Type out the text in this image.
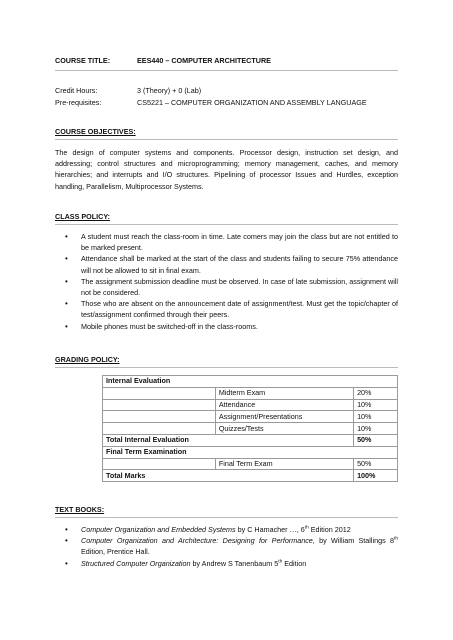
COURSE TITLE:	EES440 – COMPUTER ARCHITECTURE
Credit Hours:	3 (Theory) + 0 (Lab)
Pre-requisites:	CS5221 – COMPUTER ORGANIZATION AND ASSEMBLY LANGUAGE
COURSE OBJECTIVES:
The design of computer systems and components. Processor design, instruction set design, and addressing; control structures and microprogramming; memory management, caches, and memory hierarchies; and interrupts and I/O structures. Pipelining of processor Issues and Hurdles, exception handling, Parallelism, Multiprocessor Systems.
CLASS POLICY:
• A student must reach the class-room in time. Late comers may join the class but are not entitled to be marked present.
• Attendance shall be marked at the start of the class and students failing to secure 75% attendance will not be allowed to sit in final exam.
• The assignment submission deadline must be observed. In case of late submission, assignment will not be considered.
• Those who are absent on the announcement date of assignment/test. Must get the topic/chapter of test/assignment confirmed through their peers.
• Mobile phones must be switched-off in the class-rooms.
GRADING POLICY:
Internal Evaluation		
	Midterm Exam	20%
	Attendance	10%
	Assignment/Presentations	10%
	Quizzes/Tests	10%
Total Internal Evaluation		50%
Final Term Examination		
	Final Term Exam	50%
Total Marks		100%
TEXT BOOKS:
• Computer Organization and Embedded Systems by C Hamacher …, 6th Edition 2012
• Computer Organization and Architecture: Designing for Performance, by William Stallings 8th Edition, Prentice Hall.
• Structured Computer Organization by Andrew S Tanenbaum 5th Edition
